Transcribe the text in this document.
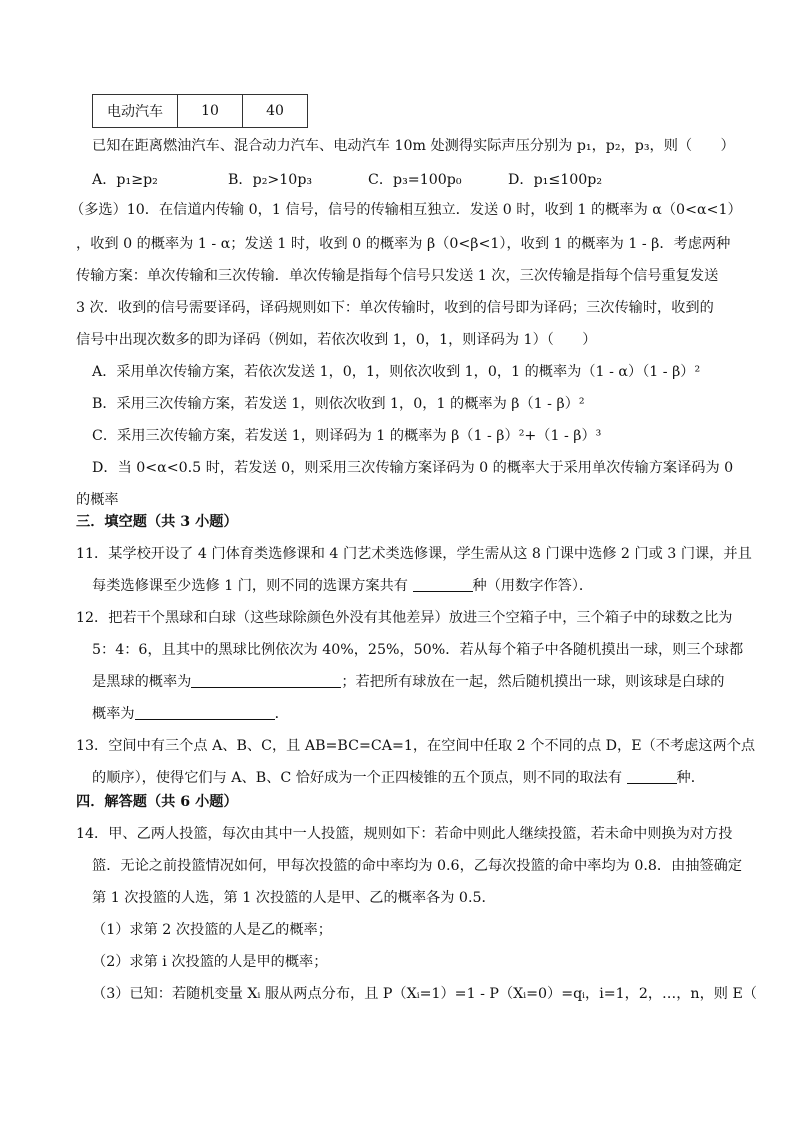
电动汽车	10	40
已知在距离燃油汽车、混合动力汽车、电动汽车 10m 处测得实际声压分别为 p₁，p₂，p₃，则（　　）
A．p₁≥p₂	B．p₂>10p₃	C．p₃=100p₀	D．p₁≤100p₂
（多选）10．在信道内传输 0，1 信号，信号的传输相互独立．发送 0 时，收到 1 的概率为 α（0<α<1）
，收到 0 的概率为 1 - α；发送 1 时，收到 0 的概率为 β（0<β<1），收到 1 的概率为 1 - β．考虑两种
传输方案：单次传输和三次传输．单次传输是指每个信号只发送 1 次，三次传输是指每个信号重复发送
3 次．收到的信号需要译码，译码规则如下：单次传输时，收到的信号即为译码；三次传输时，收到的
信号中出现次数多的即为译码（例如，若依次收到 1，0，1，则译码为 1）（　　）
A．采用单次传输方案，若依次发送 1，0，1，则依次收到 1，0，1 的概率为（1 - α）（1 - β）²
B．采用三次传输方案，若发送 1，则依次收到 1，0，1 的概率为 β（1 - β）²
C．采用三次传输方案，若发送 1，则译码为 1 的概率为 β（1 - β）²+（1 - β）³
D．当 0<α<0.5 时，若发送 0，则采用三次传输方案译码为 0 的概率大于采用单次传输方案译码为 0
的概率
三．填空题（共 3 小题）
11．某学校开设了 4 门体育类选修课和 4 门艺术类选修课，学生需从这 8 门课中选修 2 门或 3 门课，并且
每类选修课至少选修 1 门，则不同的选课方案共有	种（用数字作答）．
12．把若干个黑球和白球（这些球除颜色外没有其他差异）放进三个空箱子中，三个箱子中的球数之比为
5：4：6，且其中的黑球比例依次为 40%，25%，50%．若从每个箱子中各随机摸出一球，则三个球都
是黑球的概率为	；若把所有球放在一起，然后随机摸出一球，则该球是白球的
概率为	．
13．空间中有三个点 A、B、C，且 AB=BC=CA=1，在空间中任取 2 个不同的点 D，E（不考虑这两个点
的顺序），使得它们与 A、B、C 恰好成为一个正四棱锥的五个顶点，则不同的取法有	种．
四．解答题（共 6 小题）
14．甲、乙两人投篮，每次由其中一人投篮，规则如下：若命中则此人继续投篮，若未命中则换为对方投
篮．无论之前投篮情况如何，甲每次投篮的命中率均为 0.6，乙每次投篮的命中率均为 0.8．由抽签确定
第 1 次投篮的人选，第 1 次投篮的人是甲、乙的概率各为 0.5．
（1）求第 2 次投篮的人是乙的概率；
（2）求第 i 次投篮的人是甲的概率；
（3）已知：若随机变量 Xᵢ 服从两点分布，且 P（Xᵢ=1）=1 - P（Xᵢ=0）=qᵢ，i=1，2，…，n，则 E（
